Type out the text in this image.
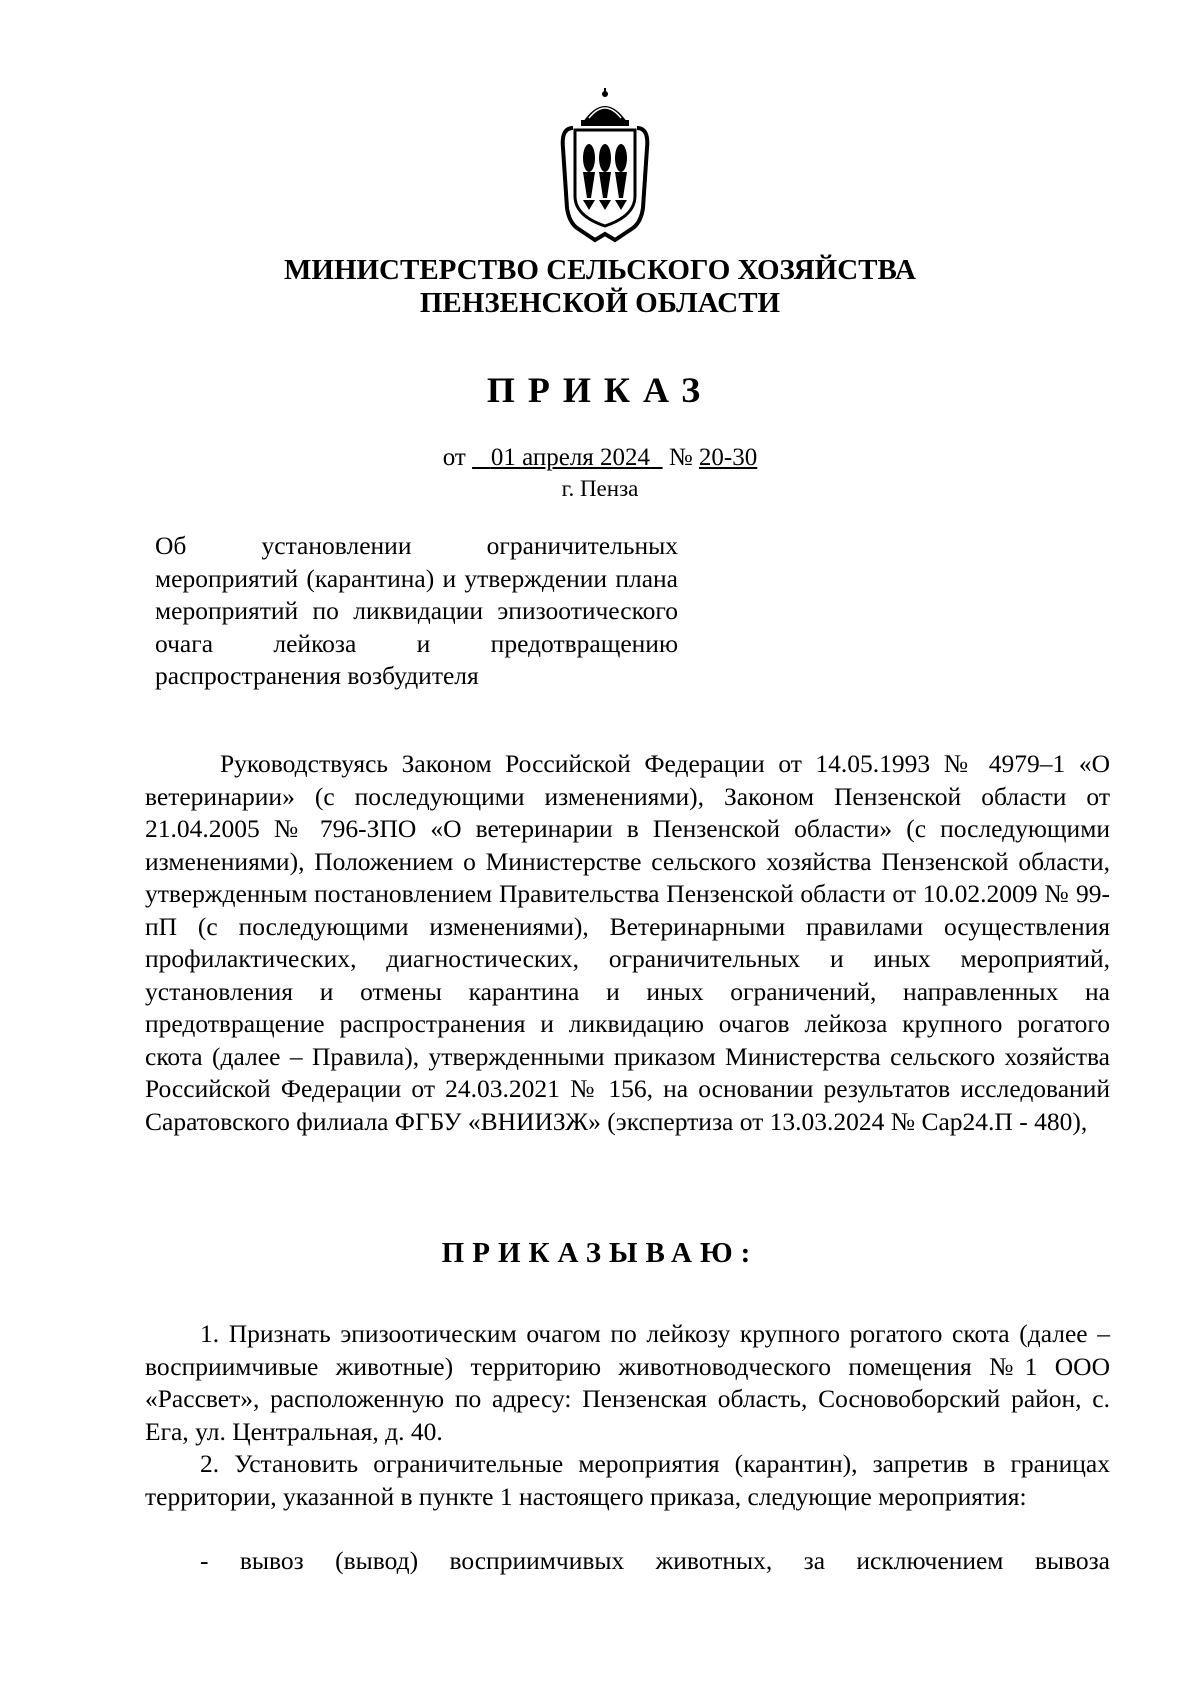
МИНИСТЕРСТВО СЕЛЬСКОГО ХОЗЯЙСТВА
ПЕНЗЕНСКОЙ ОБЛАСТИ
ПРИКАЗ
от 01 апреля 2024 № 20-30
г. Пенза
Об установлении ограничительных мероприятий (карантина) и утверждении плана мероприятий по ликвидации эпизоотического очага лейкоза и предотвращению распространения возбудителя
Руководствуясь Законом Российской Федерации от 14.05.1993 № 4979–1 «О ветеринарии» (с последующими изменениями), Законом Пензенской области от 21.04.2005 № 796-ЗПО «О ветеринарии в Пензенской области» (с последующими изменениями), Положением о Министерстве сельского хозяйства Пензенской области, утвержденным постановлением Правительства Пензенской области от 10.02.2009 № 99-пП (с последующими изменениями), Ветеринарными правилами осуществления профилактических, диагностических, ограничительных и иных мероприятий, установления и отмены карантина и иных ограничений, направленных на предотвращение распространения и ликвидацию очагов лейкоза крупного рогатого скота (далее – Правила), утвержденными приказом Министерства сельского хозяйства Российской Федерации от 24.03.2021 № 156, на основании результатов исследований Саратовского филиала ФГБУ «ВНИИЗЖ» (экспертиза от 13.03.2024 № Сар24.П - 480),
ПРИКАЗЫВАЮ:
1. Признать эпизоотическим очагом по лейкозу крупного рогатого скота (далее – восприимчивые животные) территорию животноводческого помещения №1 ООО «Рассвет», расположенную по адресу: Пензенская область, Сосновоборский район, с. Ега, ул. Центральная, д. 40.
2. Установить ограничительные мероприятия (карантин), запретив в границах территории, указанной в пункте 1 настоящего приказа, следующие мероприятия:
- вывоз (вывод) восприимчивых животных, за исключением вывоза
